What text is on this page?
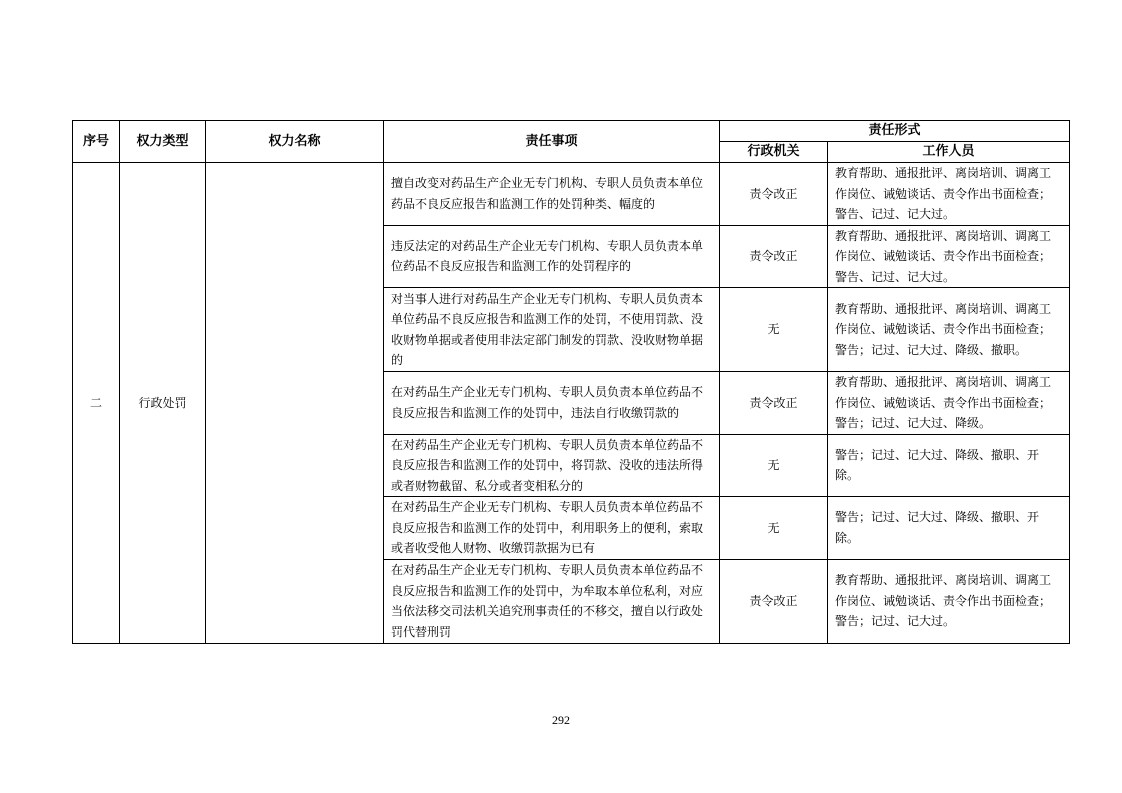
序号	权力类型	权力名称	责任事项	责任形式	
				行政机关	工作人员
二	行政处罚		擅自改变对药品生产企业无专门机构、专职人员负责本单位药品不良反应报告和监测工作的处罚种类、幅度的	责令改正	教育帮助、通报批评、离岗培训、调离工作岗位、诫勉谈话、责令作出书面检查；警告、记过、记大过。
			违反法定的对药品生产企业无专门机构、专职人员负责本单位药品不良反应报告和监测工作的处罚程序的	责令改正	教育帮助、通报批评、离岗培训、调离工作岗位、诫勉谈话、责令作出书面检查；警告、记过、记大过。
			对当事人进行对药品生产企业无专门机构、专职人员负责本单位药品不良反应报告和监测工作的处罚，不使用罚款、没收财物单据或者使用非法定部门制发的罚款、没收财物单据的	无	教育帮助、通报批评、离岗培训、调离工作岗位、诫勉谈话、责令作出书面检查；警告；记过、记大过、降级、撤职。
			在对药品生产企业无专门机构、专职人员负责本单位药品不良反应报告和监测工作的处罚中，违法自行收缴罚款的	责令改正	教育帮助、通报批评、离岗培训、调离工作岗位、诫勉谈话、责令作出书面检查；警告；记过、记大过、降级。
			在对药品生产企业无专门机构、专职人员负责本单位药品不良反应报告和监测工作的处罚中，将罚款、没收的违法所得或者财物截留、私分或者变相私分的	无	警告；记过、记大过、降级、撤职、开除。
			在对药品生产企业无专门机构、专职人员负责本单位药品不良反应报告和监测工作的处罚中，利用职务上的便利，索取或者收受他人财物、收缴罚款据为已有	无	警告；记过、记大过、降级、撤职、开除。
			在对药品生产企业无专门机构、专职人员负责本单位药品不良反应报告和监测工作的处罚中，为牟取本单位私利，对应当依法移交司法机关追究刑事责任的不移交，擅自以行政处罚代替刑罚	责令改正	教育帮助、通报批评、离岗培训、调离工作岗位、诫勉谈话、责令作出书面检查；警告；记过、记大过。
292
